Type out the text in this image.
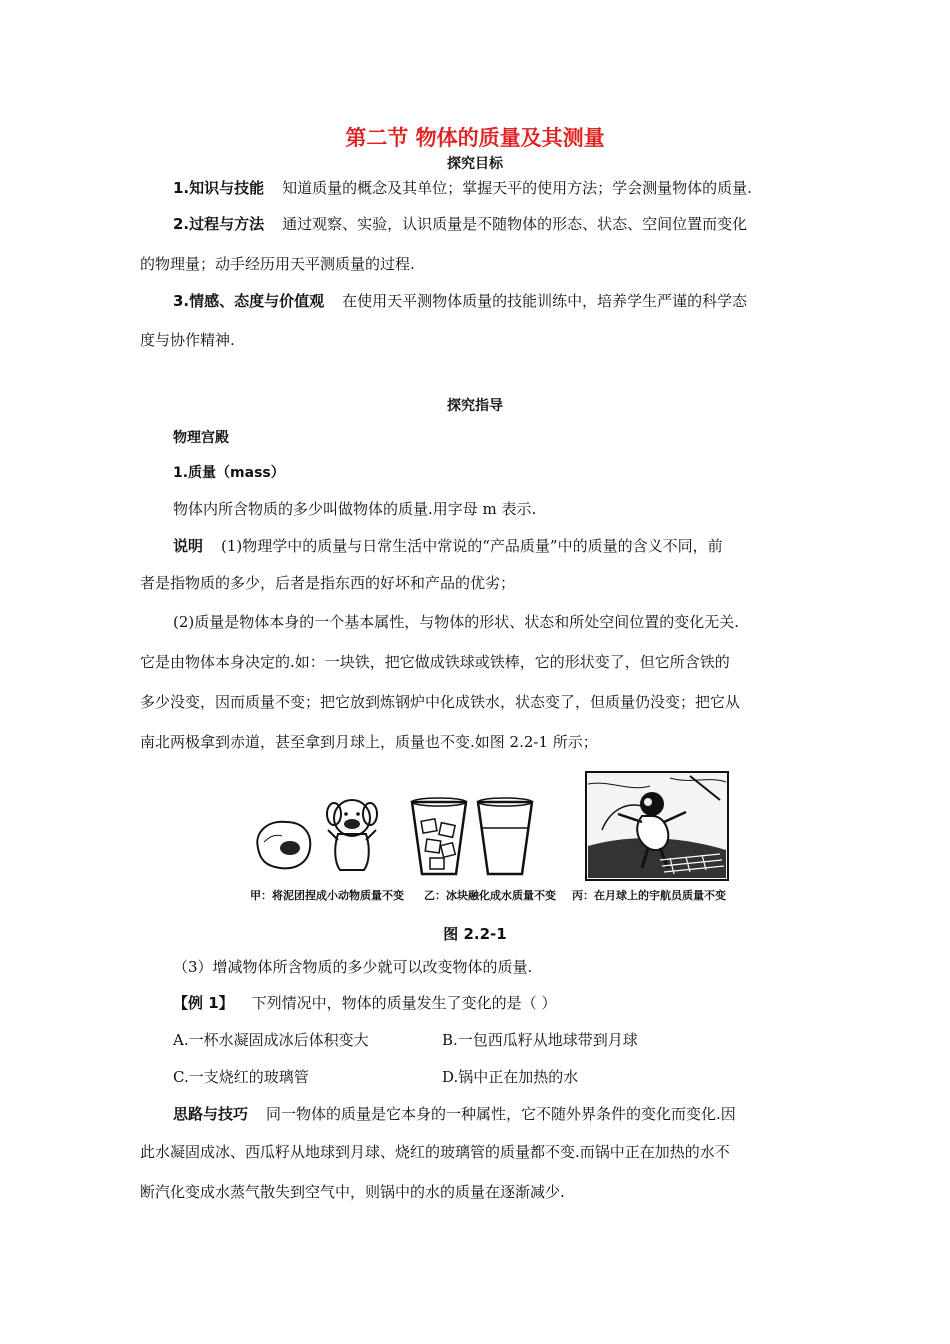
第二节 物体的质量及其测量
探究目标
1.知识与技能 知道质量的概念及其单位；掌握天平的使用方法；学会测量物体的质量.
2.过程与方法 通过观察、实验，认识质量是不随物体的形态、状态、空间位置而变化
的物理量；动手经历用天平测质量的过程.
3.情感、态度与价值观 在使用天平测物体质量的技能训练中，培养学生严谨的科学态
度与协作精神.
探究指导
物理宫殿
1.质量（mass）
物体内所含物质的多少叫做物体的质量.用字母 m 表示.
说明 (1)物理学中的质量与日常生活中常说的“产品质量”中的质量的含义不同，前
者是指物质的多少，后者是指东西的好坏和产品的优劣；
(2)质量是物体本身的一个基本属性，与物体的形状、状态和所处空间位置的变化无关.
它是由物体本身决定的.如：一块铁，把它做成铁球或铁棒，它的形状变了，但它所含铁的
多少没变，因而质量不变；把它放到炼钢炉中化成铁水，状态变了，但质量仍没变；把它从
南北两极拿到赤道，甚至拿到月球上，质量也不变.如图 2.2-1 所示；
甲：将泥团捏成小动物质量不变 乙：冰块融化成水质量不变 丙：在月球上的宇航员质量不变
图 2.2-1
（3）增减物体所含物质的多少就可以改变物体的质量.
【例 1】 下列情况中，物体的质量发生了变化的是（ ）
A.一杯水凝固成冰后体积变大	B.一包西瓜籽从地球带到月球
C.一支烧红的玻璃管	D.锅中正在加热的水
思路与技巧 同一物体的质量是它本身的一种属性，它不随外界条件的变化而变化.因
此水凝固成冰、西瓜籽从地球到月球、烧红的玻璃管的质量都不变.而锅中正在加热的水不
断汽化变成水蒸气散失到空气中，则锅中的水的质量在逐渐减少.
